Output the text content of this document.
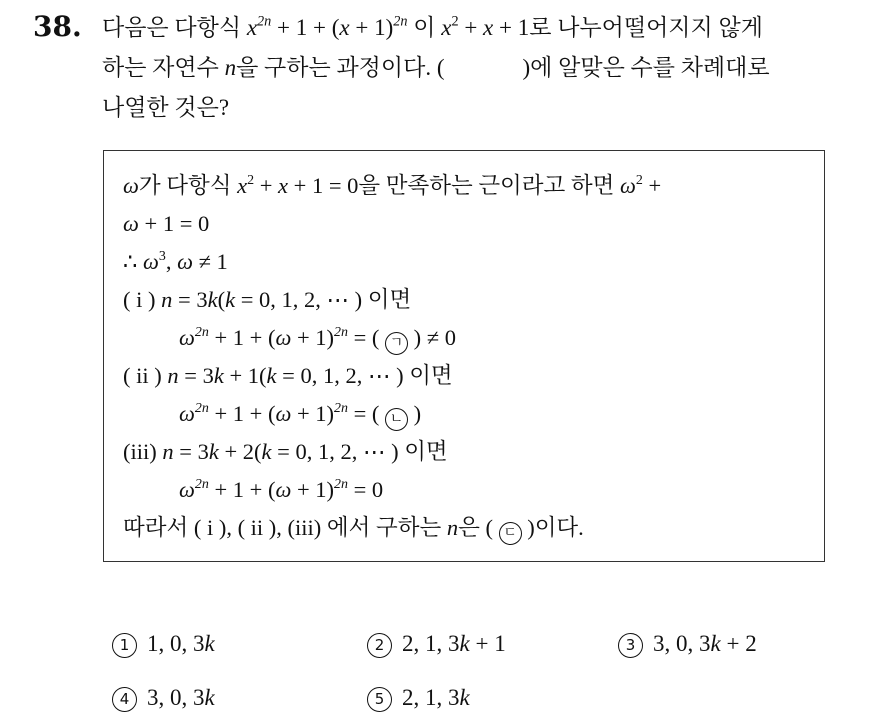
38. 다음은 다항식 $x^{2n} + 1 + (x + 1)^{2n}$ 이 $x^2 + x + 1$로 나누어떨어지지 않게
하는 자연수 n을 구하는 과정이다. (	)에 알맞은 수를 차례대로
나열한 것은?
ω가 다항식 $x^2 + x + 1 = 0$을 만족하는 근이라고 하면 $\omega^2$ +
ω + 1 = 0
∴ $\omega^3$, ω ≠ 1
( i ) n = 3k(k = 0, 1, 2, ⋯ ) 이면
$\omega^{2n} + 1 + (\omega + 1)^{2n}$ = ( ㄱ ) ≠ 0
( ii ) n = 3k + 1(k = 0, 1, 2, ⋯ ) 이면
$\omega^{2n} + 1 + (\omega + 1)^{2n}$ = ( ㄴ )
(iii) n = 3k + 2(k = 0, 1, 2, ⋯ ) 이면
$\omega^{2n} + 1 + (\omega + 1)^{2n} = 0$
따라서 ( i ), ( ii ), (iii) 에서 구하는 n은 ( ㄷ )이다.
1 1, 0, 3k	2 2, 1, 3k + 1	3 3, 0, 3k + 2
4 3, 0, 3k	5 2, 1, 3k
